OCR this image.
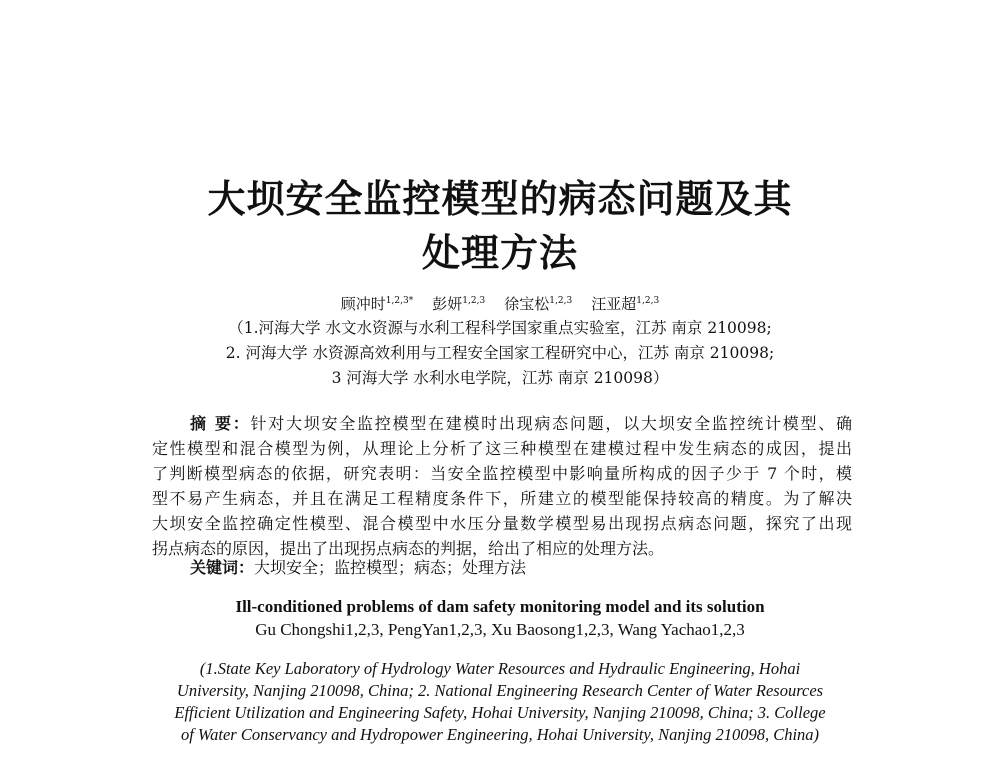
大坝安全监控模型的病态问题及其
处理方法
顾冲时$^{1,2,3*}$ 彭妍$^{1,2,3}$ 徐宝松$^{1,2,3}$ 汪亚超$^{1,2,3}$
（1.河海大学 水文水资源与水利工程科学国家重点实验室，江苏 南京 210098;
2. 河海大学 水资源高效利用与工程安全国家工程研究中心，江苏 南京 210098;
3 河海大学 水利水电学院，江苏 南京 210098）
摘 要：针对大坝安全监控模型在建模时出现病态问题，以大坝安全监控统计模型、确
定性模型和混合模型为例，从理论上分析了这三种模型在建模过程中发生病态的成因，提出
了判断模型病态的依据，研究表明：当安全监控模型中影响量所构成的因子少于 7 个时，模
型不易产生病态，并且在满足工程精度条件下，所建立的模型能保持较高的精度。为了解决
大坝安全监控确定性模型、混合模型中水压分量数学模型易出现拐点病态问题，探究了出现
拐点病态的原因，提出了出现拐点病态的判据，给出了相应的处理方法。
关键词：大坝安全；监控模型；病态；处理方法
Ill-conditioned problems of dam safety monitoring model and its solution
Gu Chongshi1,2,3, PengYan1,2,3, Xu Baosong1,2,3, Wang Yachao1,2,3
(1.State Key Laboratory of Hydrology Water Resources and Hydraulic Engineering, Hohai
University, Nanjing 210098, China; 2. National Engineering Research Center of Water Resources
Efficient Utilization and Engineering Safety, Hohai University, Nanjing 210098, China; 3. College
of Water Conservancy and Hydropower Engineering, Hohai University, Nanjing 210098, China)
